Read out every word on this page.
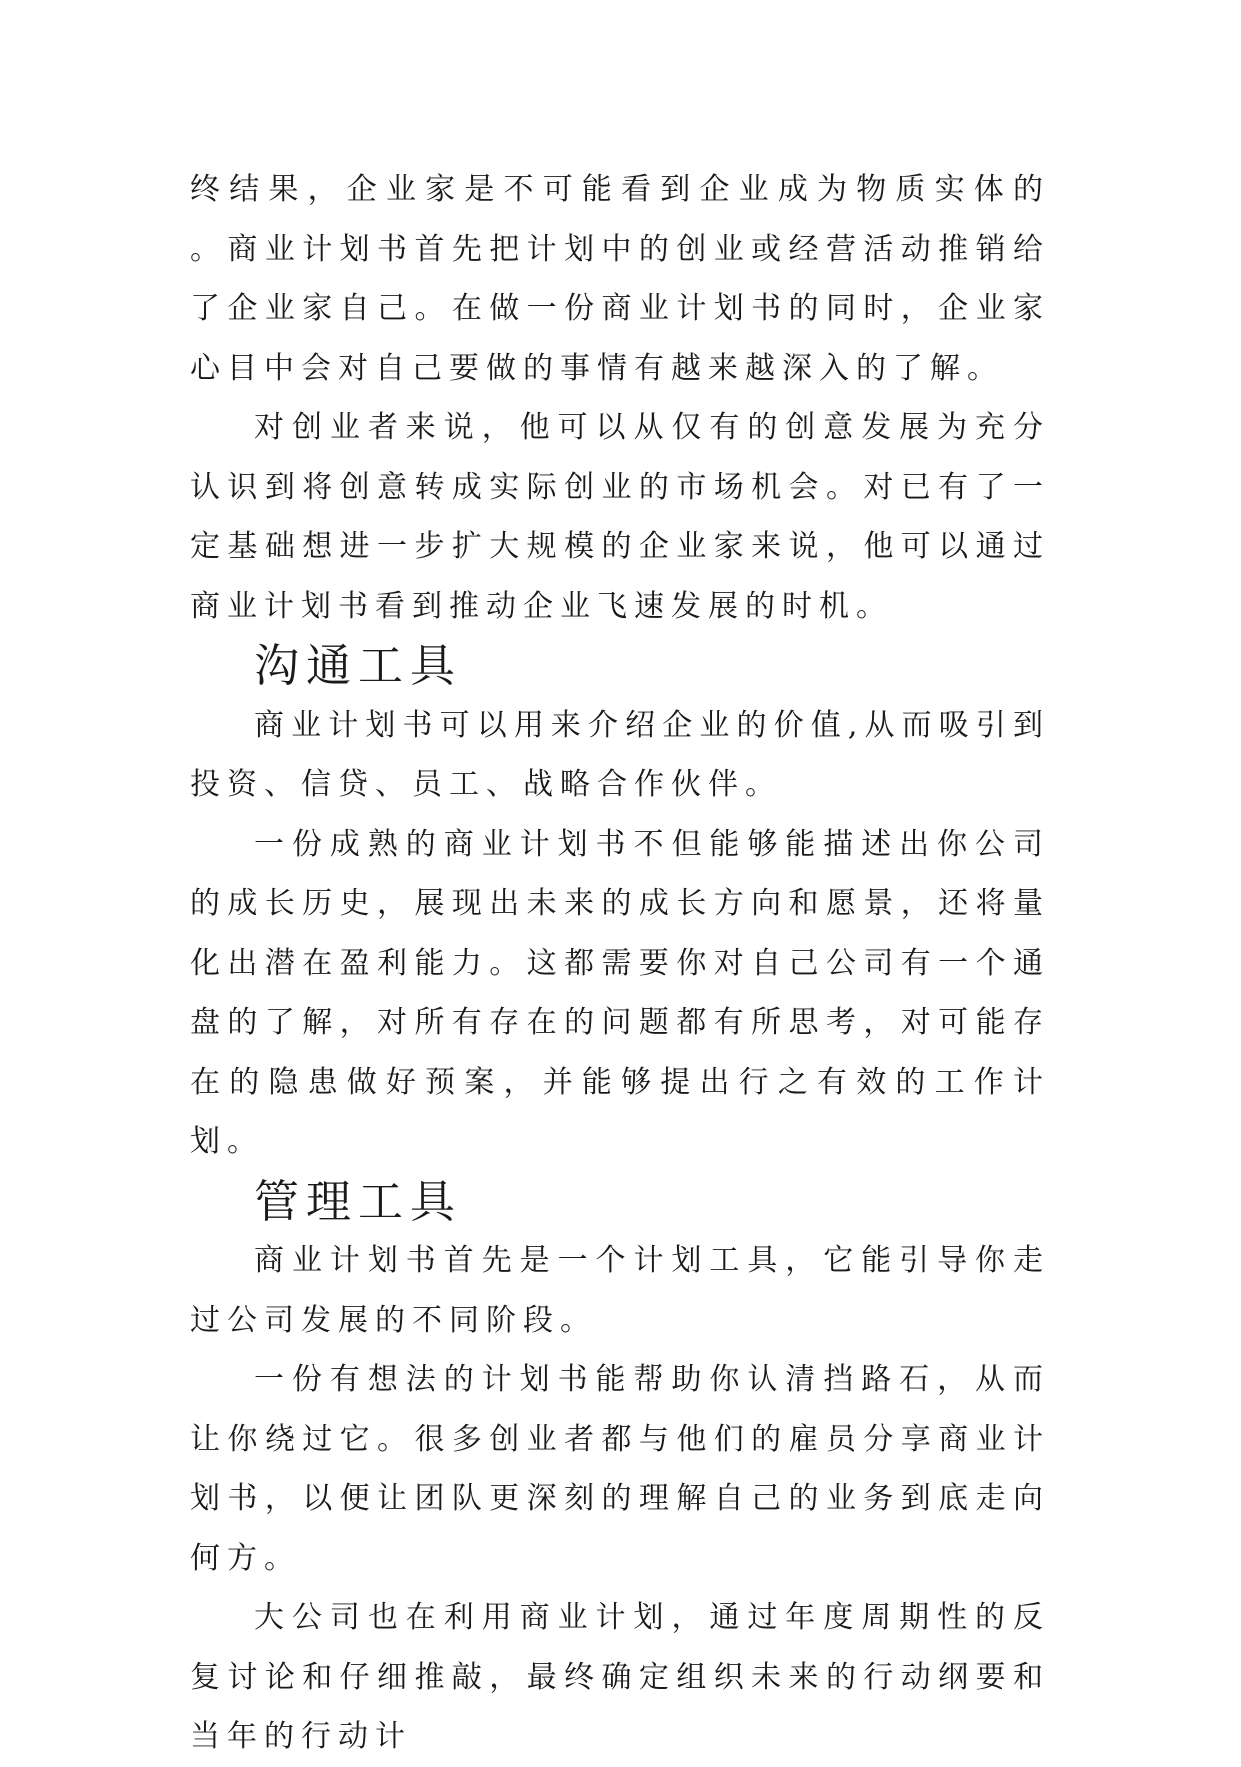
终结果，企业家是不可能看到企业成为物质实体的 。商业计划书首先把计划中的创业或经营活动推销给了企业家自己。在做一份商业计划书的同时，企业家心目中会对自己要做的事情有越来越深入的了解。

对创业者来说，他可以从仅有的创意发展为充分认识到将创意转成实际创业的市场机会。对已有了一定基础想进一步扩大规模的企业家来说，他可以通过商业计划书看到推动企业飞速发展的时机。

沟通工具

商业计划书可以用来介绍企业的价值,从而吸引到投资、信贷、员工、战略合作伙伴。

一份成熟的商业计划书不但能够能描述出你公司的成长历史，展现出未来的成长方向和愿景，还将量化出潜在盈利能力。这都需要你对自己公司有一个通盘的了解，对所有存在的问题都有所思考，对可能存在的隐患做好预案，并能够提出行之有效的工作计划。

管理工具

商业计划书首先是一个计划工具，它能引导你走过公司发展的不同阶段。

一份有想法的计划书能帮助你认清挡路石，从而让你绕过它。很多创业者都与他们的雇员分享商业计划书，以便让团队更深刻的理解自己的业务到底走向何方。

大公司也在利用商业计划，通过年度周期性的反复讨论和仔细推敲，最终确定组织未来的行动纲要和当年的行动计
